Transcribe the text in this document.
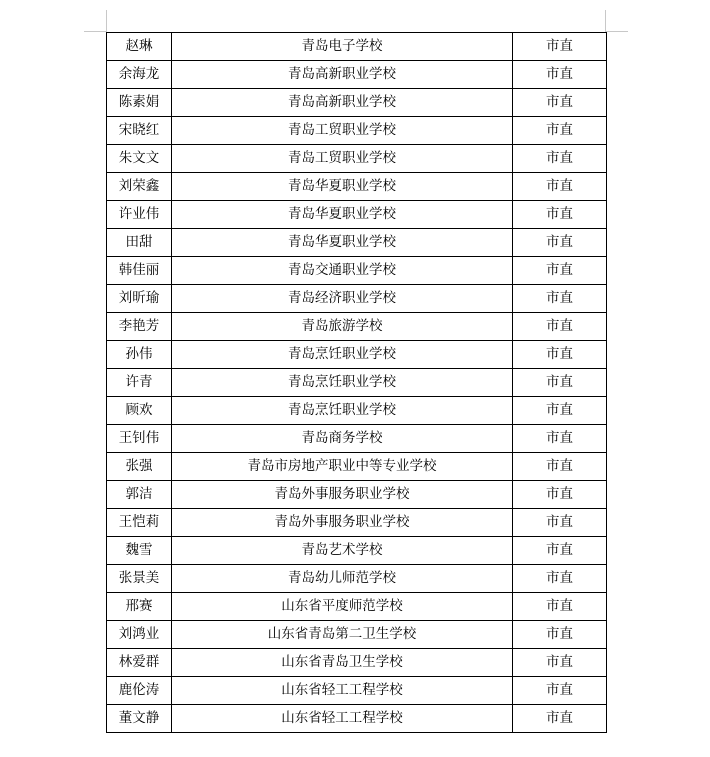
赵琳	青岛电子学校	市直
余海龙	青岛高新职业学校	市直
陈素娟	青岛高新职业学校	市直
宋晓红	青岛工贸职业学校	市直
朱文文	青岛工贸职业学校	市直
刘荣鑫	青岛华夏职业学校	市直
许业伟	青岛华夏职业学校	市直
田甜	青岛华夏职业学校	市直
韩佳丽	青岛交通职业学校	市直
刘昕瑜	青岛经济职业学校	市直
李艳芳	青岛旅游学校	市直
孙伟	青岛烹饪职业学校	市直
许青	青岛烹饪职业学校	市直
顾欢	青岛烹饪职业学校	市直
王钊伟	青岛商务学校	市直
张强	青岛市房地产职业中等专业学校	市直
郭洁	青岛外事服务职业学校	市直
王恺莉	青岛外事服务职业学校	市直
魏雪	青岛艺术学校	市直
张景美	青岛幼儿师范学校	市直
邢赛	山东省平度师范学校	市直
刘鸿业	山东省青岛第二卫生学校	市直
林爱群	山东省青岛卫生学校	市直
鹿伦涛	山东省轻工工程学校	市直
董文静	山东省轻工工程学校	市直
